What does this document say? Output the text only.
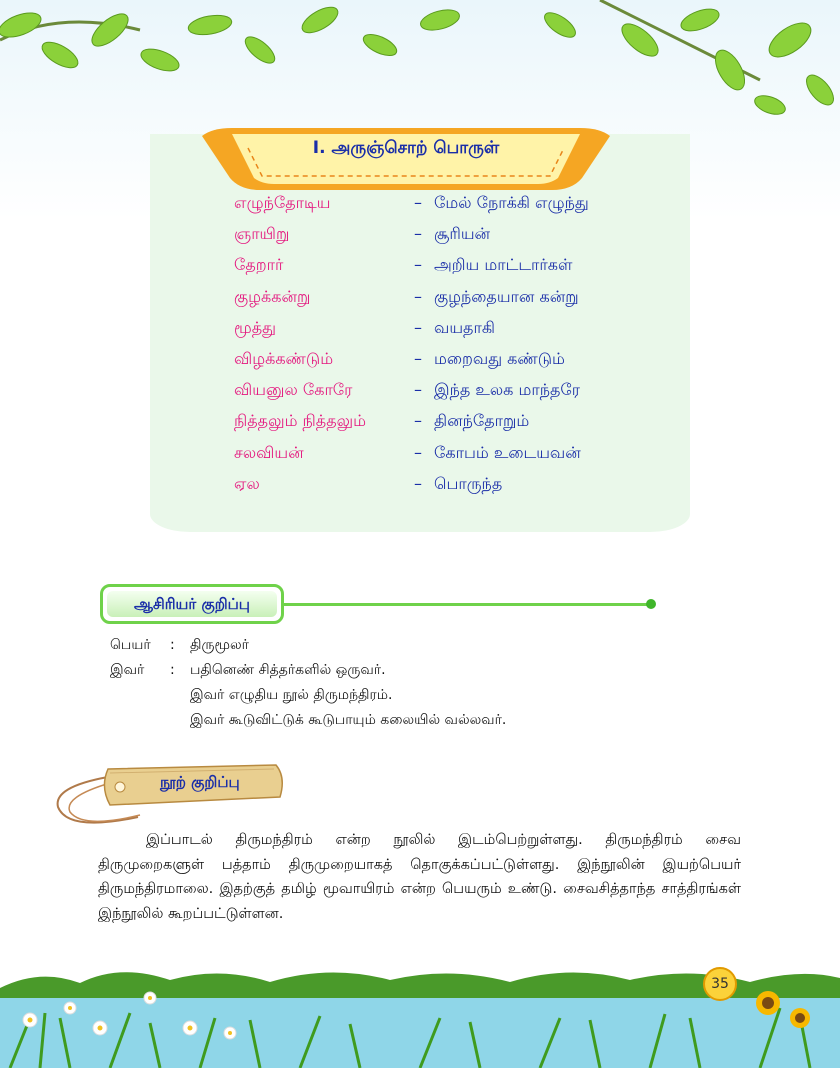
I. அருஞ்சொற் பொருள்
எழுந்தோடிய	– மேல் நோக்கி எழுந்து
ஞாயிறு	– சூரியன்
தேறார்	– அறிய மாட்டார்கள்
குழக்கன்று	– குழந்தையான கன்று
மூத்து	– வயதாகி
விழக்கண்டும்	– மறைவது கண்டும்
வியனுல கோரே	– இந்த உலக மாந்தரே
நித்தலும் நித்தலும்	– தினந்தோறும்
சலவியன்	– கோபம் உடையவன்
ஏல	– பொருந்த
ஆசிரியர் குறிப்பு
பெயர் : திருமூலர்
இவர் : பதினெண் சித்தர்களில் ஒருவர்.
இவர் எழுதிய நூல் திருமந்திரம்.
இவர் கூடுவிட்டுக் கூடுபாயும் கலையில் வல்லவர்.
நூற் குறிப்பு
இப்பாடல் திருமந்திரம் என்ற நூலில் இடம்பெற்றுள்ளது. திருமந்திரம் சைவ திருமுறைகளுள் பத்தாம் திருமுறையாகத் தொகுக்கப்பட்டுள்ளது. இந்நூலின் இயற்பெயர் திருமந்திரமாலை. இதற்குத் தமிழ் மூவாயிரம் என்ற பெயரும் உண்டு. சைவசித்தாந்த சாத்திரங்கள் இந்நூலில் கூறப்பட்டுள்ளன.
35
